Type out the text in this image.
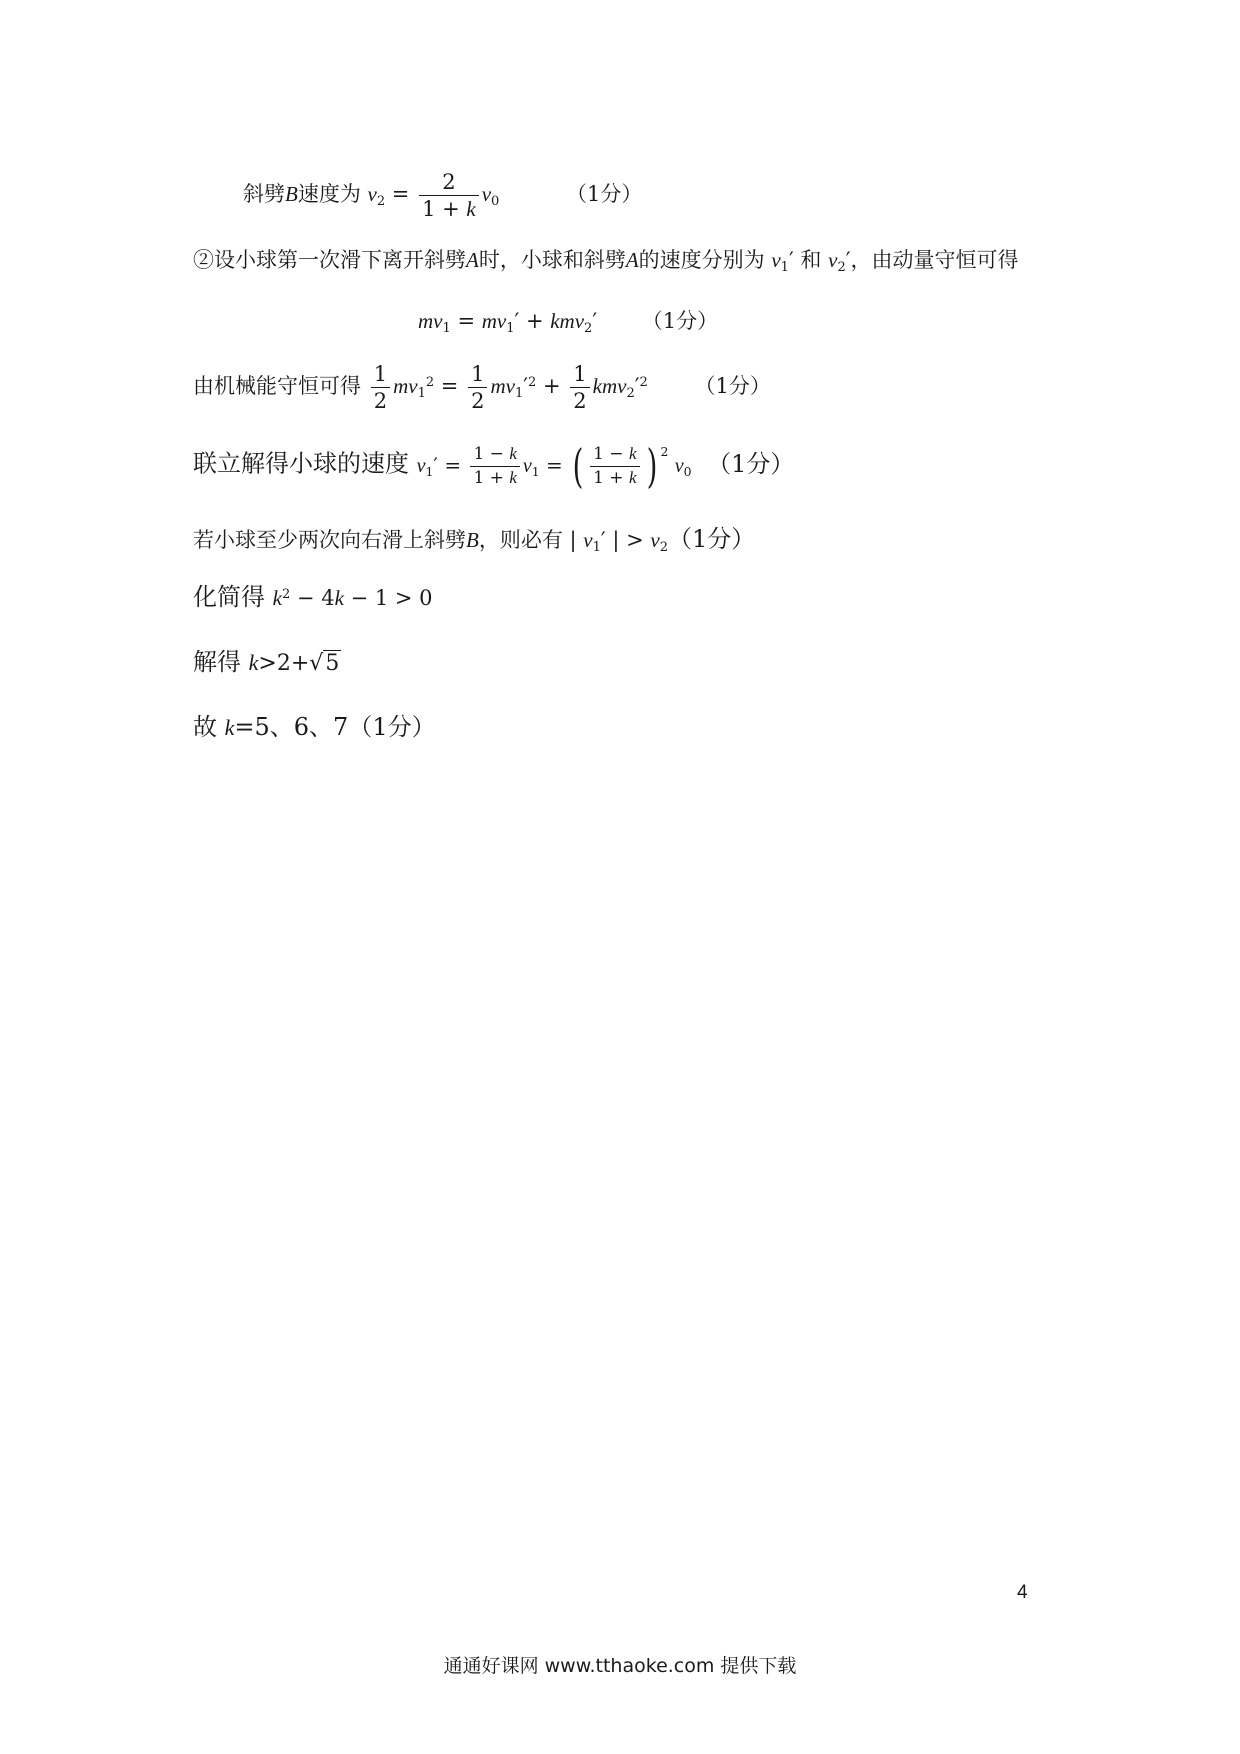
斜劈B速度为 $v_2 = \frac{2}{1 + k} v_0$	（1分）
②设小球第一次滑下离开斜劈A时，小球和斜劈A的速度分别为 $v_1'$ 和 $v_2'$，由动量守恒可得
$mv_1 = mv_1' + kmv_2'$ （1分）
由机械能守恒可得 $\frac{1}{2} mv_1^2 = \frac{1}{2} mv_1'^2 + \frac{1}{2} kmv_2'^2$ （1分）
联立解得小球的速度 $v_1' = \frac{1 - k}{1 + k} v_1$ = ( $\frac{1 - k}{1 + k}$ ) $^2$ $v_0$ （1分）
若小球至少两次向右滑上斜劈B，则必有 | $v_1'$ | > $v_2(1$分）
化简得 $k^2 - 4k - 1 > 0$
解得 k>2+√5
故 k=5、6、7（1分）
4
通通好课网 www.tthaoke.com 提供下载
